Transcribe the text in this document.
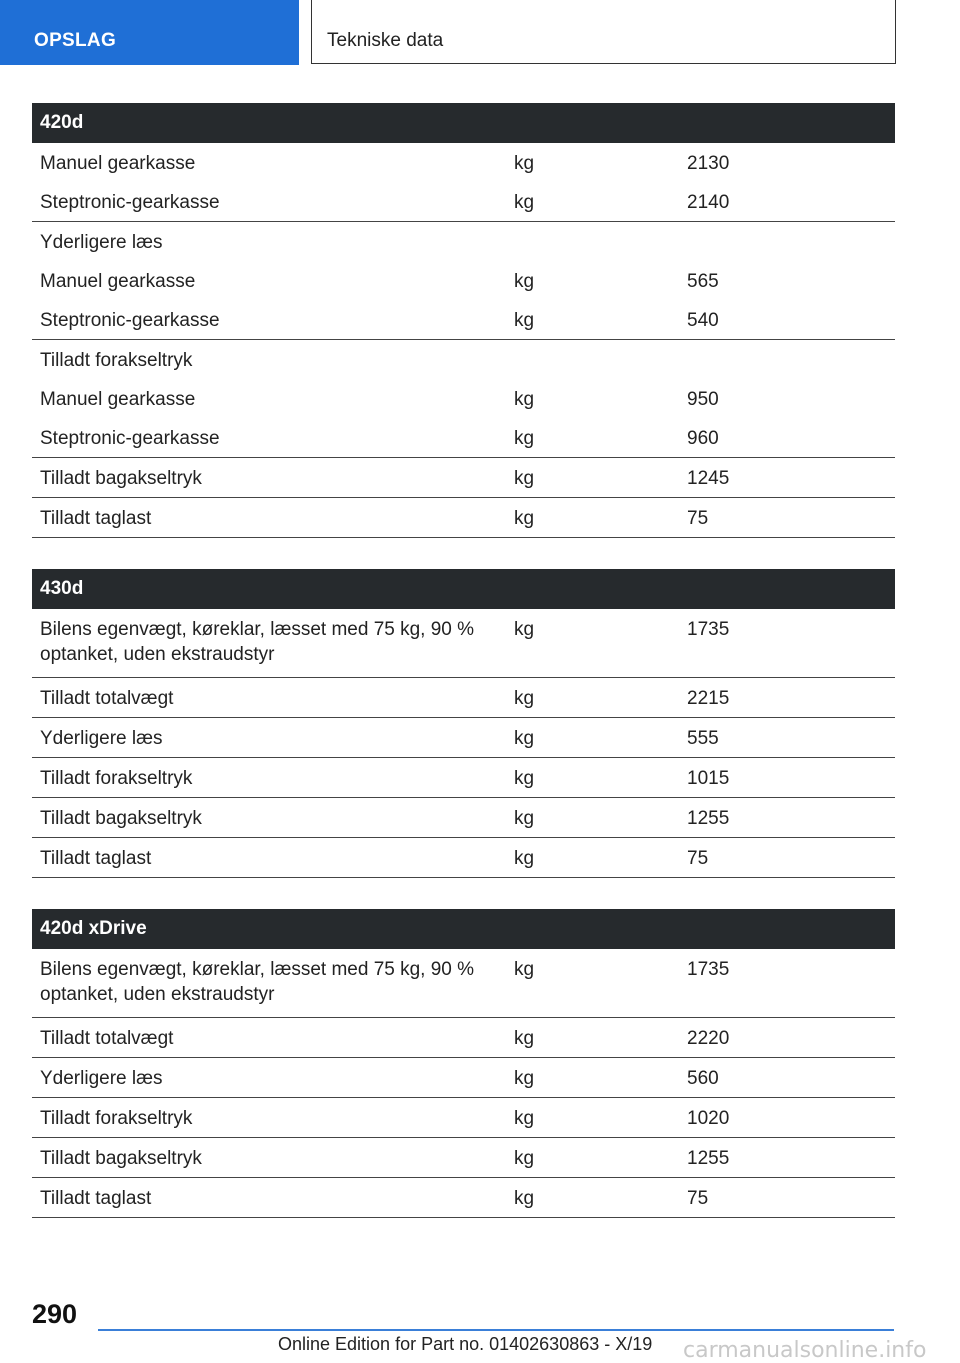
OPSLAG	Tekniske data
420d		
Manuel gearkasse	kg	2130
Steptronic-gearkasse	kg	2140
Yderligere læs		
Manuel gearkasse	kg	565
Steptronic-gearkasse	kg	540
Tilladt forakseltryk		
Manuel gearkasse	kg	950
Steptronic-gearkasse	kg	960
Tilladt bagakseltryk	kg	1245
Tilladt taglast	kg	75
430d		
Bilens egenvægt, køreklar, læsset med 75 kg, 90 % optanket, uden ekstraudstyr	kg	1735
Tilladt totalvægt	kg	2215
Yderligere læs	kg	555
Tilladt forakseltryk	kg	1015
Tilladt bagakseltryk	kg	1255
Tilladt taglast	kg	75
420d xDrive		
Bilens egenvægt, køreklar, læsset med 75 kg, 90 % optanket, uden ekstraudstyr	kg	1735
Tilladt totalvægt	kg	2220
Yderligere læs	kg	560
Tilladt forakseltryk	kg	1020
Tilladt bagakseltryk	kg	1255
Tilladt taglast	kg	75
290
Online Edition for Part no. 01402630863 - X/19 carmanualsonline.info
